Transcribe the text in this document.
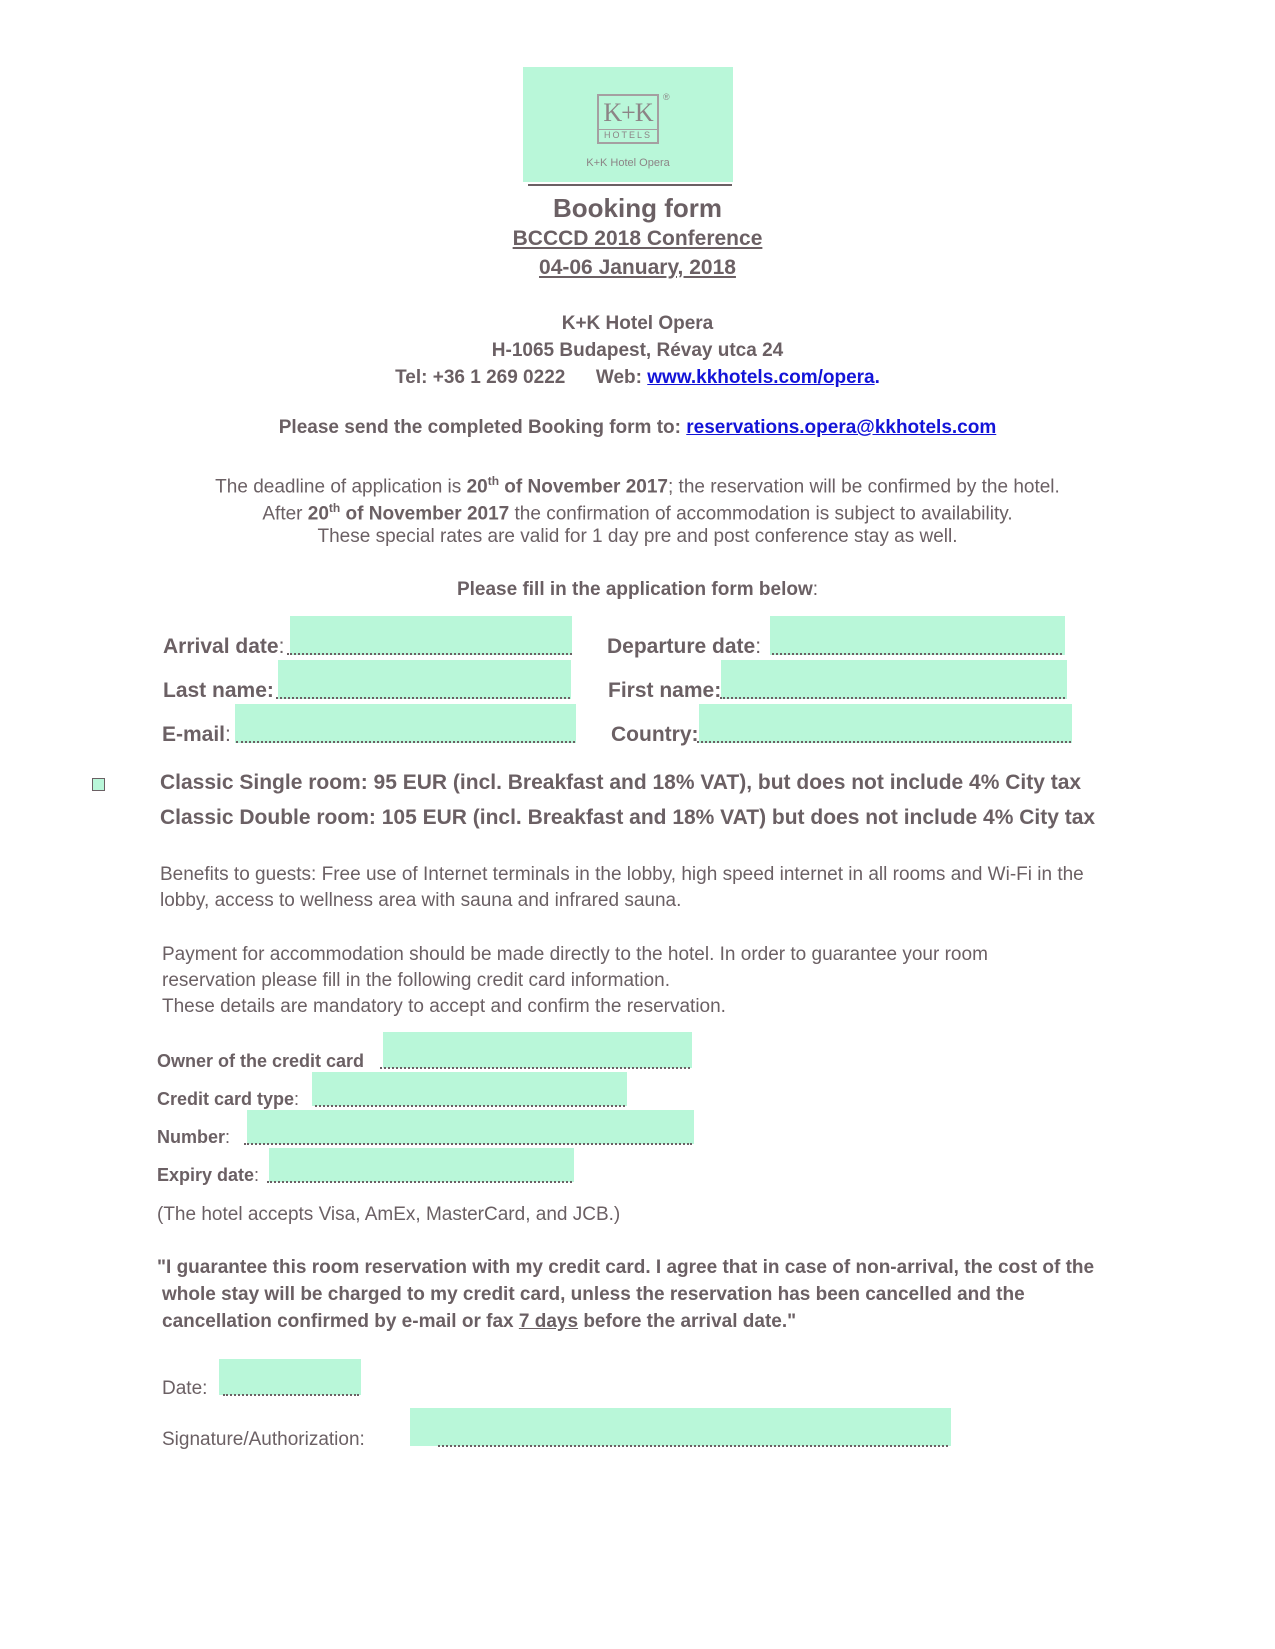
K+K
HOTELS
®
K+K Hotel Opera
Booking form
BCCCD 2018 Conference
04-06 January, 2018
K+K Hotel Opera
H-1065 Budapest, Révay utca 24
Tel: +36 1 269 0222 Web: www.kkhotels.com/opera.
Please send the completed Booking form to: reservations.opera@kkhotels.com
The deadline of application is 20th of November 2017; the reservation will be confirmed by the hotel.
After 20th of November 2017 the confirmation of accommodation is subject to availability.
These special rates are valid for 1 day pre and post conference stay as well.
Please fill in the application form below:
Arrival date:	Departure date:
Last name:	First name:
E-mail:	Country:
Classic Single room: 95 EUR (incl. Breakfast and 18% VAT), but does not include 4% City tax
Classic Double room: 105 EUR (incl. Breakfast and 18% VAT) but does not include 4% City tax
Benefits to guests: Free use of Internet terminals in the lobby, high speed internet in all rooms and Wi-Fi in the
lobby, access to wellness area with sauna and infrared sauna.
Payment for accommodation should be made directly to the hotel. In order to guarantee your room
reservation please fill in the following credit card information.
These details are mandatory to accept and confirm the reservation.
Owner of the credit card
Credit card type:
Number:
Expiry date:
(The hotel accepts Visa, AmEx, MasterCard, and JCB.)
"I guarantee this room reservation with my credit card. I agree that in case of non-arrival, the cost of the
whole stay will be charged to my credit card, unless the reservation has been cancelled and the
cancellation confirmed by e-mail or fax 7 days before the arrival date."
Date:
Signature/Authorization:
